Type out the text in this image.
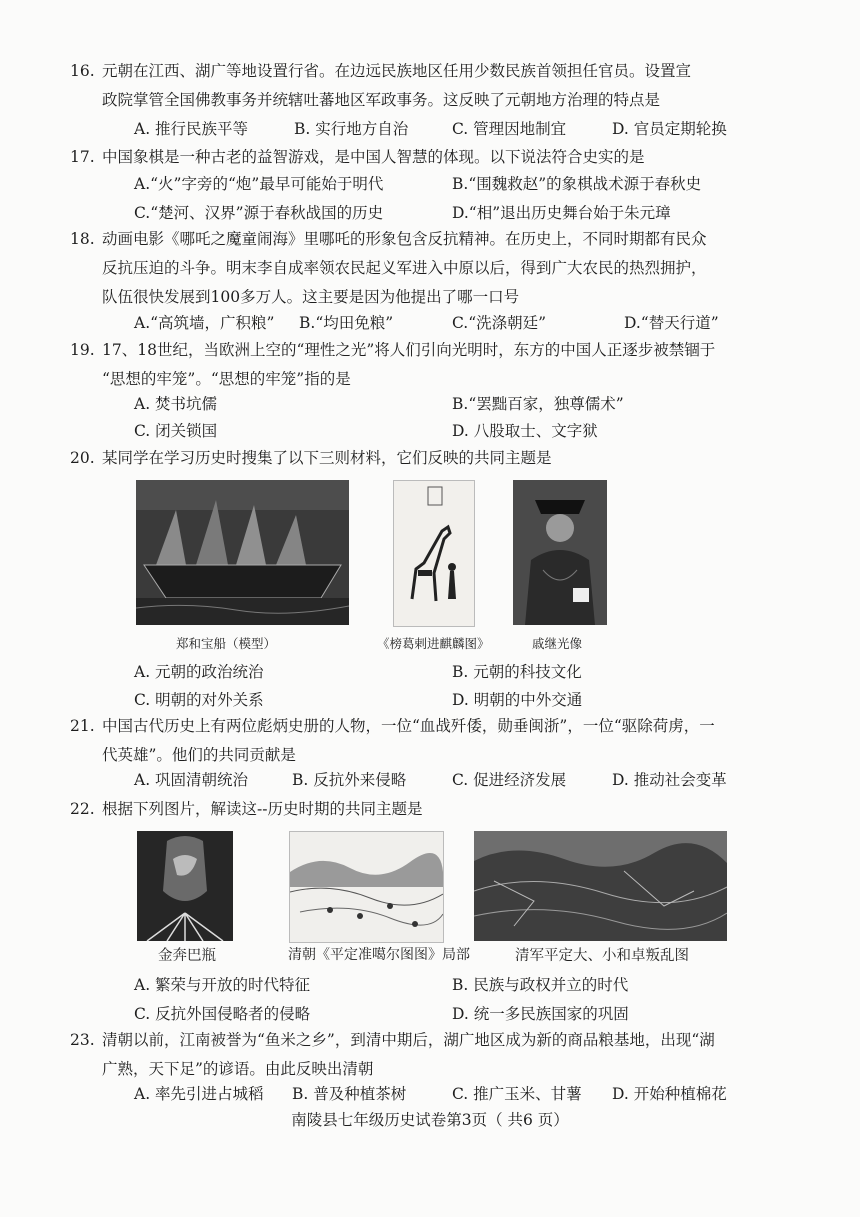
16. 元朝在江西、湖广等地设置行省。在边远民族地区任用少数民族首领担任官员。设置宣
政院掌管全国佛教事务并统辖吐蕃地区军政事务。这反映了元朝地方治理的特点是
A. 推行民族平等	B. 实行地方自治	C. 管理因地制宜	D. 官员定期轮换
17. 中国象棋是一种古老的益智游戏，是中国人智慧的体现。以下说法符合史实的是
A.“火”字旁的“炮”最早可能始于明代	B.“围魏救赵”的象棋战术源于春秋史
C.“楚河、汉界”源于春秋战国的历史	D.“相”退出历史舞台始于朱元璋
18. 动画电影《哪吒之魔童闹海》里哪吒的形象包含反抗精神。在历史上，不同时期都有民众
反抗压迫的斗争。明末李自成率领农民起义军进入中原以后，得到广大农民的热烈拥护，
队伍很快发展到100多万人。这主要是因为他提出了哪一口号
A.“高筑墙，广积粮” B.“均田免粮”	C.“洗涤朝廷”	D.“替天行道”
19. 17、18世纪，当欧洲上空的“理性之光”将人们引向光明时，东方的中国人正逐步被禁锢于
“思想的牢笼”。“思想的牢笼”指的是
A. 焚书坑儒	B.“罢黜百家，独尊儒术”
C. 闭关锁国	D. 八股取士、文字狱
20. 某同学在学习历史时搜集了以下三则材料，它们反映的共同主题是
郑和宝船（模型）	《榜葛剌进麒麟图》	戚继光像
A. 元朝的政治统治	B. 元朝的科技文化
C. 明朝的对外关系	D. 明朝的中外交通
21. 中国古代历史上有两位彪炳史册的人物，一位“血战歼倭，勋垂闽浙”，一位“驱除荷虏，一
代英雄”。他们的共同贡献是
A. 巩固清朝统治	B. 反抗外来侵略	C. 促进经济发展	D. 推动社会变革
22. 根据下列图片，解读这--历史时期的共同主题是
金奔巴瓶	清朝《平定准噶尔图图》局部	清军平定大、小和卓叛乱图
A. 繁荣与开放的时代特征	B. 民族与政权并立的时代
C. 反抗外国侵略者的侵略	D. 统一多民族国家的巩固
23. 清朝以前，江南被誉为“鱼米之乡”，到清中期后，湖广地区成为新的商品粮基地，出现“湖
广熟，天下足”的谚语。由此反映出清朝
A. 率先引进占城稻 B. 普及种植茶树	C. 推广玉米、甘薯 D. 开始种植棉花
南陵县七年级历史试卷第3页（ 共6 页）
